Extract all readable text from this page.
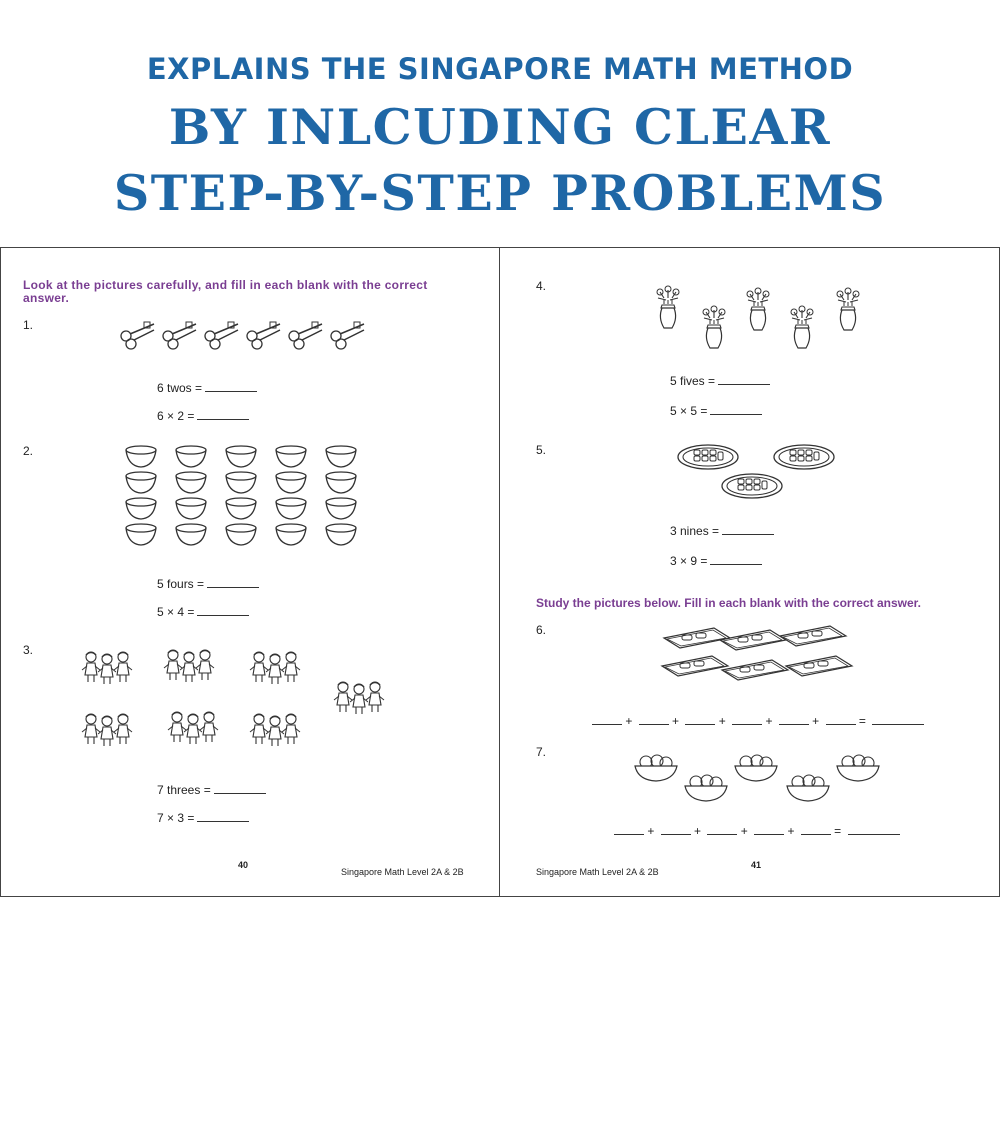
EXPLAINS THE SINGAPORE MATH METHOD
BY INLCUDING CLEAR
STEP-BY-STEP PROBLEMS
Look at the pictures carefully, and fill in each blank with the correct answer.
1.
6 twos =
6 × 2 =
2.
5 fours =
5 × 4 =
3.
7 threes =
7 × 3 =
40
Singapore Math Level 2A & 2B
4.
5 fives =
5 × 5 =
5.
3 nines =
3 × 9 =
Study the pictures below. Fill in each blank with the correct answer.
6.
+	+	+	+	+	=
7.
+	+	+	+	=
Singapore Math Level 2A & 2B
41
